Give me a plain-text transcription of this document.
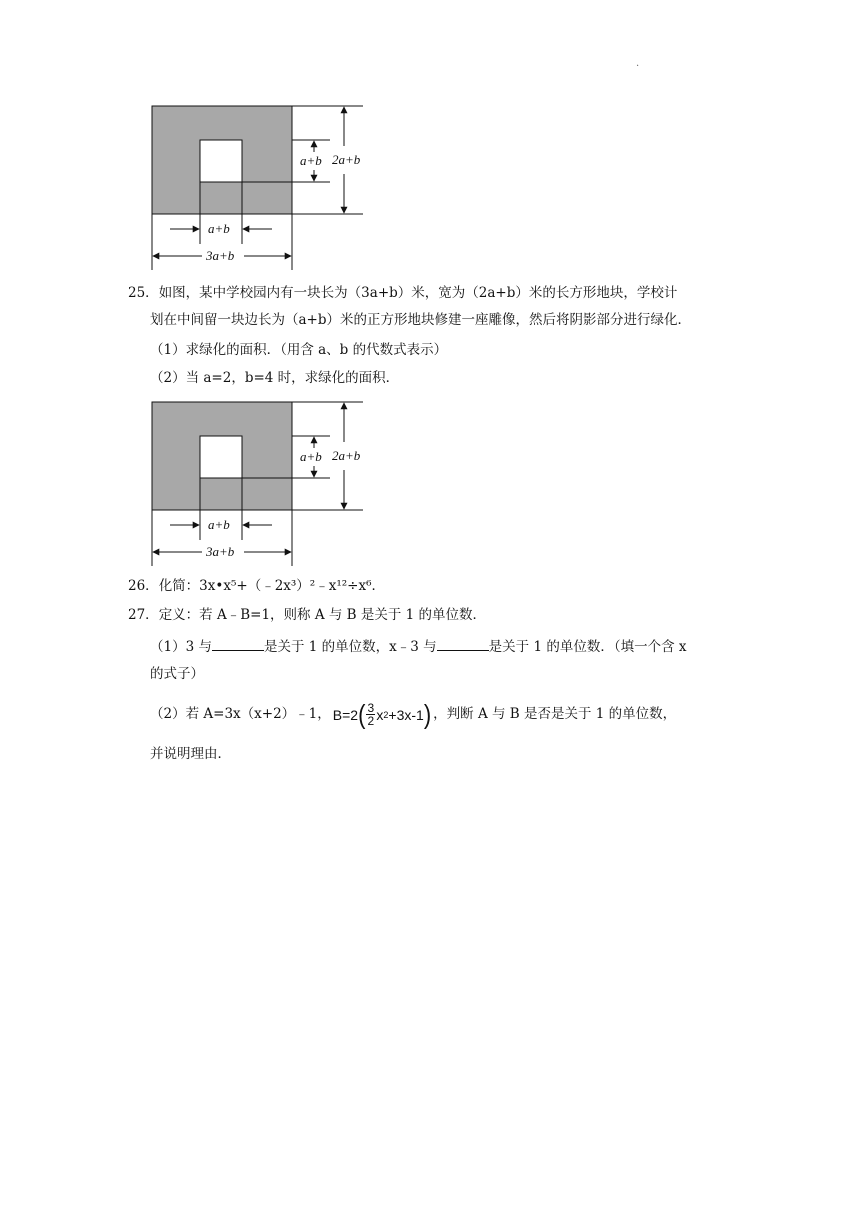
.
a+b 2a+b
a+b
3a+b
25．如图，某中学校园内有一块长为（3a+b）米，宽为（2a+b）米的长方形地块，学校计
划在中间留一块边长为（a+b）米的正方形地块修建一座雕像，然后将阴影部分进行绿化．
（1）求绿化的面积．（用含 a、b 的代数式表示）
（2）当 a=2，b=4 时，求绿化的面积．
a+b 2a+b
a+b
3a+b
26．化简：3x•x⁵+（﹣2x³）²﹣x¹²÷x⁶．
27．定义：若 A﹣B=1，则称 A 与 B 是关于 1 的单位数．
（1）3 与	是关于 1 的单位数，x﹣3 与	是关于 1 的单位数．（填一个含 x
的式子）
（2）若 A=3x（x+2）﹣1， B=2 ( $\frac{3}{2}$ x 2 +3x-1 ) ，判断 A 与 B 是否是关于 1 的单位数，
并说明理由．
